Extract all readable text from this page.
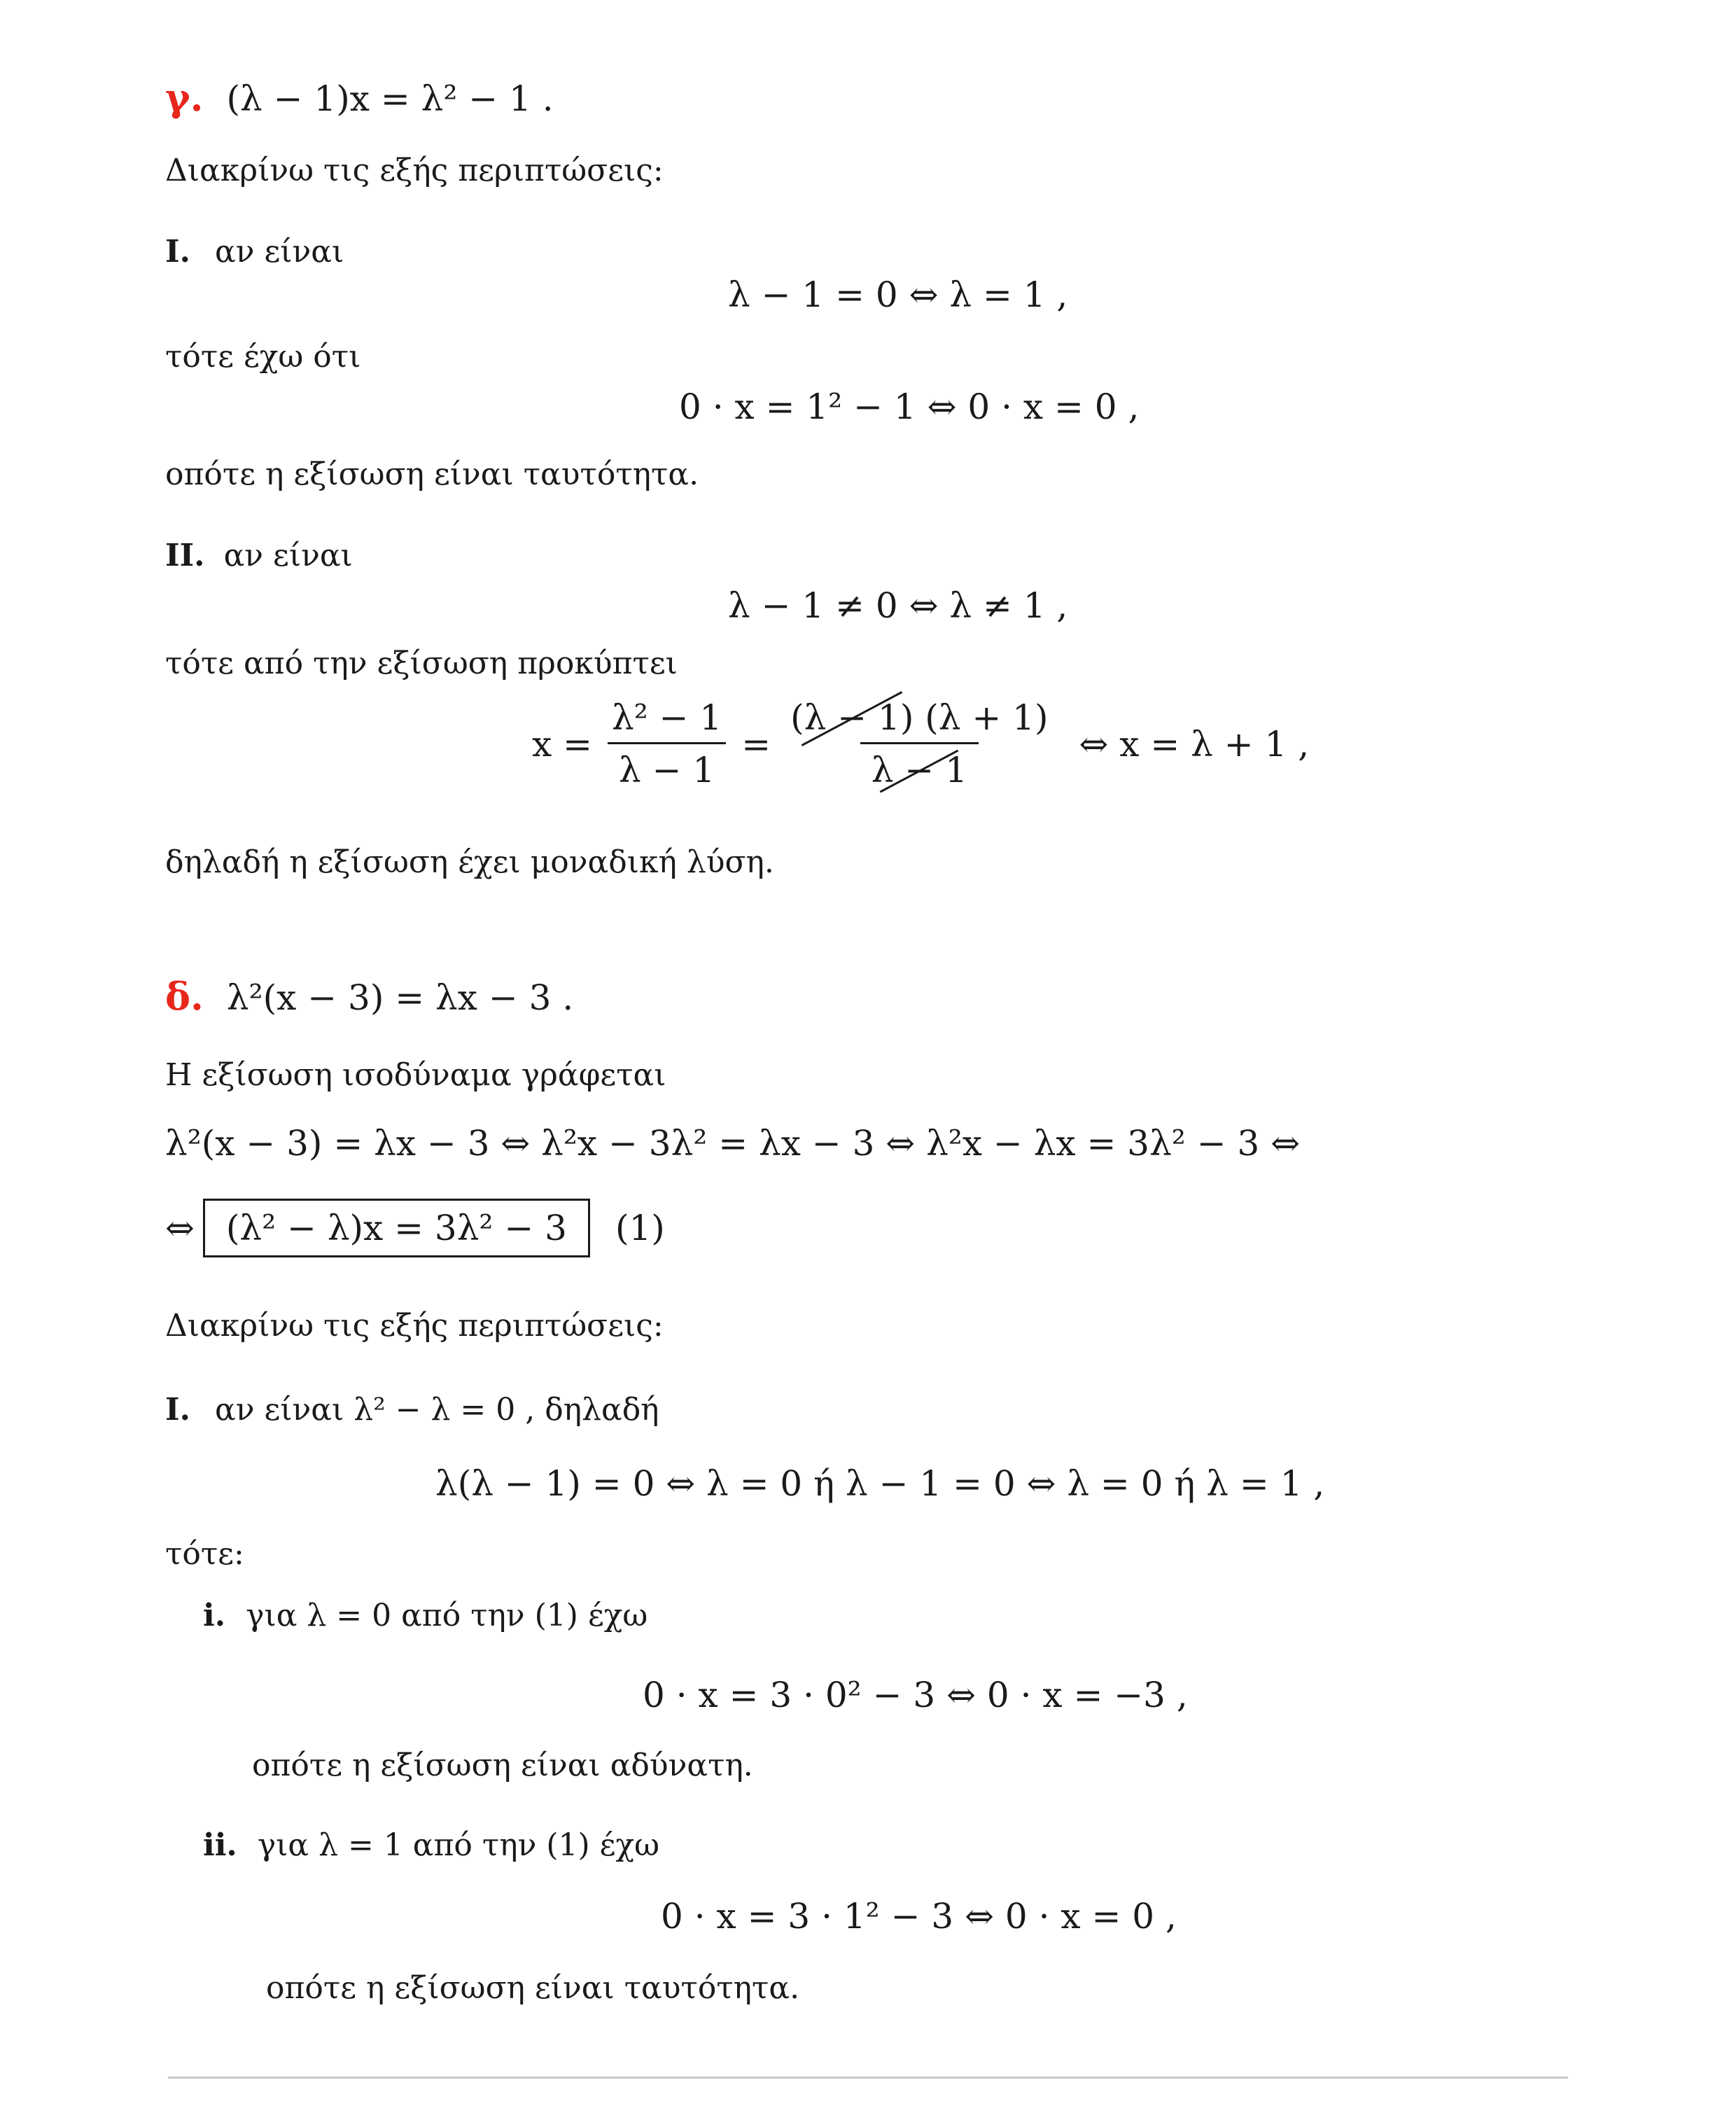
γ. (λ − 1)x = λ² − 1 .
Διακρίνω τις εξής περιπτώσεις:
I. αν είναι
λ − 1 = 0 ⇔ λ = 1 ,
τότε έχω ότι
0 · x = 1² − 1 ⇔ 0 · x = 0 ,
οπότε η εξίσωση είναι ταυτότητα.
II. αν είναι
λ − 1 ≠ 0 ⇔ λ ≠ 1 ,
τότε από την εξίσωση προκύπτει
$x = \frac{\text{λ² − 1}}{\lambda - 1} = \frac{(\lambda - 1) (\lambda + 1)}{\lambda - 1}$ ⇔ x = λ + 1 ,
δηλαδή η εξίσωση έχει μοναδική λύση.
δ. λ²(x − 3) = λx − 3 .
Η εξίσωση ισοδύναμα γράφεται
λ²(x − 3) = λx − 3 ⇔ λ²x − 3λ² = λx − 3 ⇔ λ²x − λx = 3λ² − 3 ⇔
⇔ (λ² − λ)x = 3λ² − 3	(1)
Διακρίνω τις εξής περιπτώσεις:
I. αν είναι λ² − λ = 0 , δηλαδή
λ(λ − 1) = 0 ⇔ λ = 0 ή λ − 1 = 0 ⇔ λ = 0 ή λ = 1 ,
τότε:
i. για λ = 0 από την (1) έχω
0 · x = 3 · 0² − 3 ⇔ 0 · x = −3 ,
οπότε η εξίσωση είναι αδύνατη.
ii. για λ = 1 από την (1) έχω
0 · x = 3 · 1² − 3 ⇔ 0 · x = 0 ,
οπότε η εξίσωση είναι ταυτότητα.
